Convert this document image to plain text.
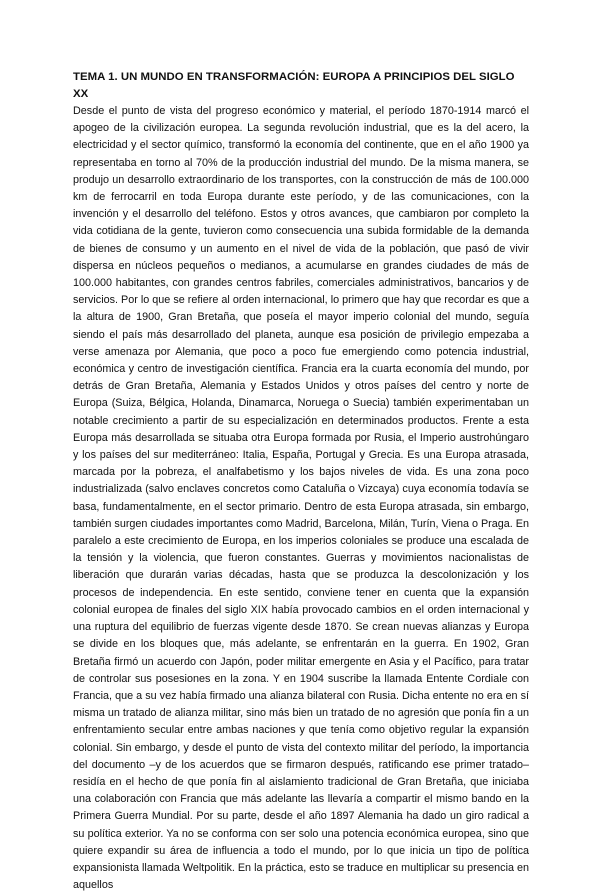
TEMA 1. UN MUNDO EN TRANSFORMACIÓN: EUROPA A PRINCIPIOS DEL SIGLO XX

Desde el punto de vista del progreso económico y material, el período 1870-1914 marcó el apogeo de la civilización europea. La segunda revolución industrial, que es la del acero, la electricidad y el sector químico, transformó la economía del continente, que en el año 1900 ya representaba en torno al 70% de la producción industrial del mundo. De la misma manera, se produjo un desarrollo extraordinario de los transportes, con la construcción de más de 100.000 km de ferrocarril en toda Europa durante este período, y de las comunicaciones, con la invención y el desarrollo del teléfono. Estos y otros avances, que cambiaron por completo la vida cotidiana de la gente, tuvieron como consecuencia una subida formidable de la demanda de bienes de consumo y un aumento en el nivel de vida de la población, que pasó de vivir dispersa en núcleos pequeños o medianos, a acumularse en grandes ciudades de más de 100.000 habitantes, con grandes centros fabriles, comerciales administrativos, bancarios y de servicios. Por lo que se refiere al orden internacional, lo primero que hay que recordar es que a la altura de 1900, Gran Bretaña, que poseía el mayor imperio colonial del mundo, seguía siendo el país más desarrollado del planeta, aunque esa posición de privilegio empezaba a verse amenaza por Alemania, que poco a poco fue emergiendo como potencia industrial, económica y centro de investigación científica. Francia era la cuarta economía del mundo, por detrás de Gran Bretaña, Alemania y Estados Unidos y otros países del centro y norte de Europa (Suiza, Bélgica, Holanda, Dinamarca, Noruega o Suecia) también experimentaban un notable crecimiento a partir de su especialización en determinados productos. Frente a esta Europa más desarrollada se situaba otra Europa formada por Rusia, el Imperio austrohúngaro y los países del sur mediterráneo: Italia, España, Portugal y Grecia. Es una Europa atrasada, marcada por la pobreza, el analfabetismo y los bajos niveles de vida. Es una zona poco industrializada (salvo enclaves concretos como Cataluña o Vizcaya) cuya economía todavía se basa, fundamentalmente, en el sector primario. Dentro de esta Europa atrasada, sin embargo, también surgen ciudades importantes como Madrid, Barcelona, Milán, Turín, Viena o Praga. En paralelo a este crecimiento de Europa, en los imperios coloniales se produce una escalada de la tensión y la violencia, que fueron constantes. Guerras y movimientos nacionalistas de liberación que durarán varias décadas, hasta que se produzca la descolonización y los procesos de independencia. En este sentido, conviene tener en cuenta que la expansión colonial europea de finales del siglo XIX había provocado cambios en el orden internacional y una ruptura del equilibrio de fuerzas vigente desde 1870. Se crean nuevas alianzas y Europa se divide en los bloques que, más adelante, se enfrentarán en la guerra. En 1902, Gran Bretaña firmó un acuerdo con Japón, poder militar emergente en Asia y el Pacífico, para tratar de controlar sus posesiones en la zona. Y en 1904 suscribe la llamada Entente Cordiale con Francia, que a su vez había firmado una alianza bilateral con Rusia. Dicha entente no era en sí misma un tratado de alianza militar, sino más bien un tratado de no agresión que ponía fin a un enfrentamiento secular entre ambas naciones y que tenía como objetivo regular la expansión colonial. Sin embargo, y desde el punto de vista del contexto militar del período, la importancia del documento –y de los acuerdos que se firmaron después, ratificando ese primer tratado– residía en el hecho de que ponía fin al aislamiento tradicional de Gran Bretaña, que iniciaba una colaboración con Francia que más adelante las llevaría a compartir el mismo bando en la Primera Guerra Mundial. Por su parte, desde el año 1897 Alemania ha dado un giro radical a su política exterior. Ya no se conforma con ser solo una potencia económica europea, sino que quiere expandir su área de influencia a todo el mundo, por lo que inicia un tipo de política expansionista llamada Weltpolitik. En la práctica, esto se traduce en multiplicar su presencia en aquellos
